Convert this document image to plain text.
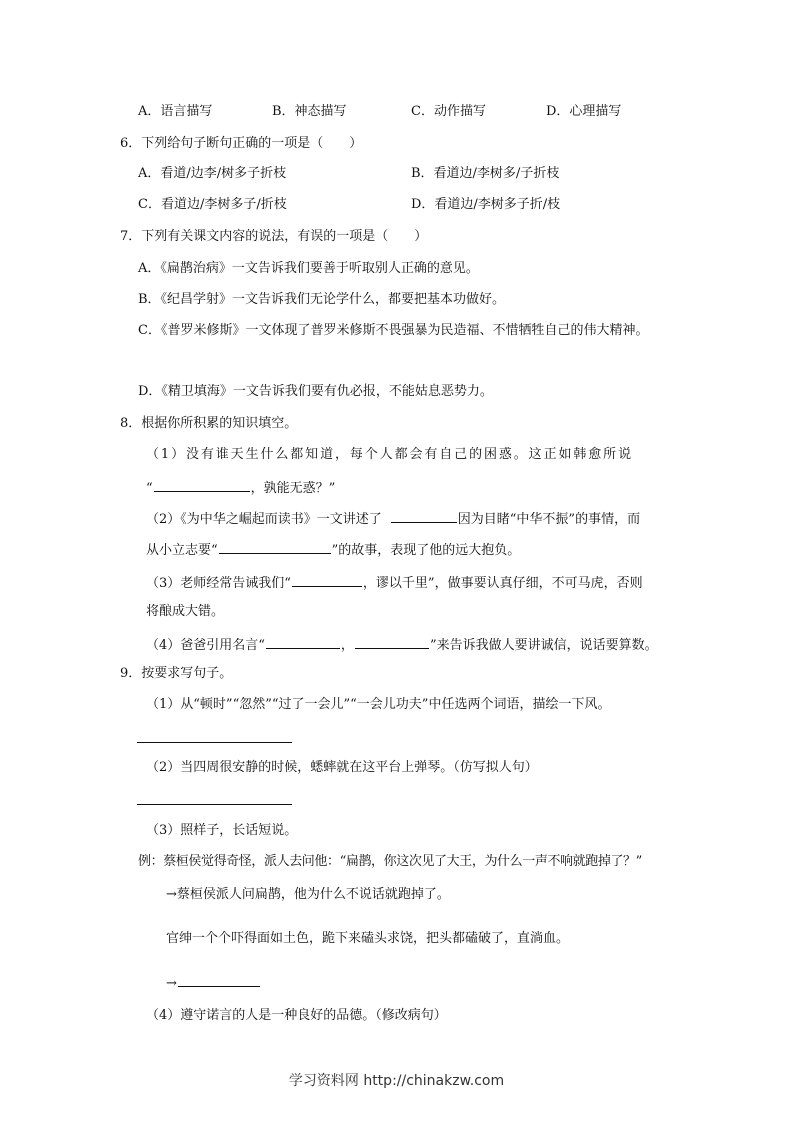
A．语言描写	B．神态描写	C．动作描写	D．心理描写
6．下列给句子断句正确的一项是（　　）
A．看道/边李/树多子折枝	B．看道边/李树多/子折枝
C．看道边/李树多子/折枝	D．看道边/李树多子折/枝
7．下列有关课文内容的说法，有误的一项是（　　）
A．《扁鹊治病》一文告诉我们要善于听取别人正确的意见。
B．《纪昌学射》一文告诉我们无论学什么，都要把基本功做好。
C．《普罗米修斯》一文体现了普罗米修斯不畏强暴为民造福、不惜牺牲自己的伟大精神。
D．《精卫填海》一文告诉我们要有仇必报，不能姑息恶势力。
8．根据你所积累的知识填空。
（1）没有谁天生什么都知道，每个人都会有自己的困惑。这正如韩愈所说
“	，孰能无惑？”
（2）《为中华之崛起而读书》一文讲述了	因为目睹“中华不振”的事情，而
从小立志要“	”的故事，表现了他的远大抱负。
（3）老师经常告诫我们“	，谬以千里”，做事要认真仔细，不可马虎，否则
将酿成大错。
（4）爸爸引用名言“	，	”来告诉我做人要讲诚信，说话要算数。
9．按要求写句子。
（1）从“顿时”“忽然”“过了一会儿”“一会儿功夫”中任选两个词语，描绘一下风。
（2）当四周很安静的时候，蟋蟀就在这平台上弹琴。（仿写拟人句）
（3）照样子，长话短说。
例：蔡桓侯觉得奇怪，派人去问他：“扁鹊，你这次见了大王，为什么一声不响就跑掉了？”
→蔡桓侯派人问扁鹊，他为什么不说话就跑掉了。
官绅一个个吓得面如土色，跪下来磕头求饶，把头都磕破了，直淌血。
→
（4）遵守诺言的人是一种良好的品德。（修改病句）
学习资料网 http://chinakzw.com
